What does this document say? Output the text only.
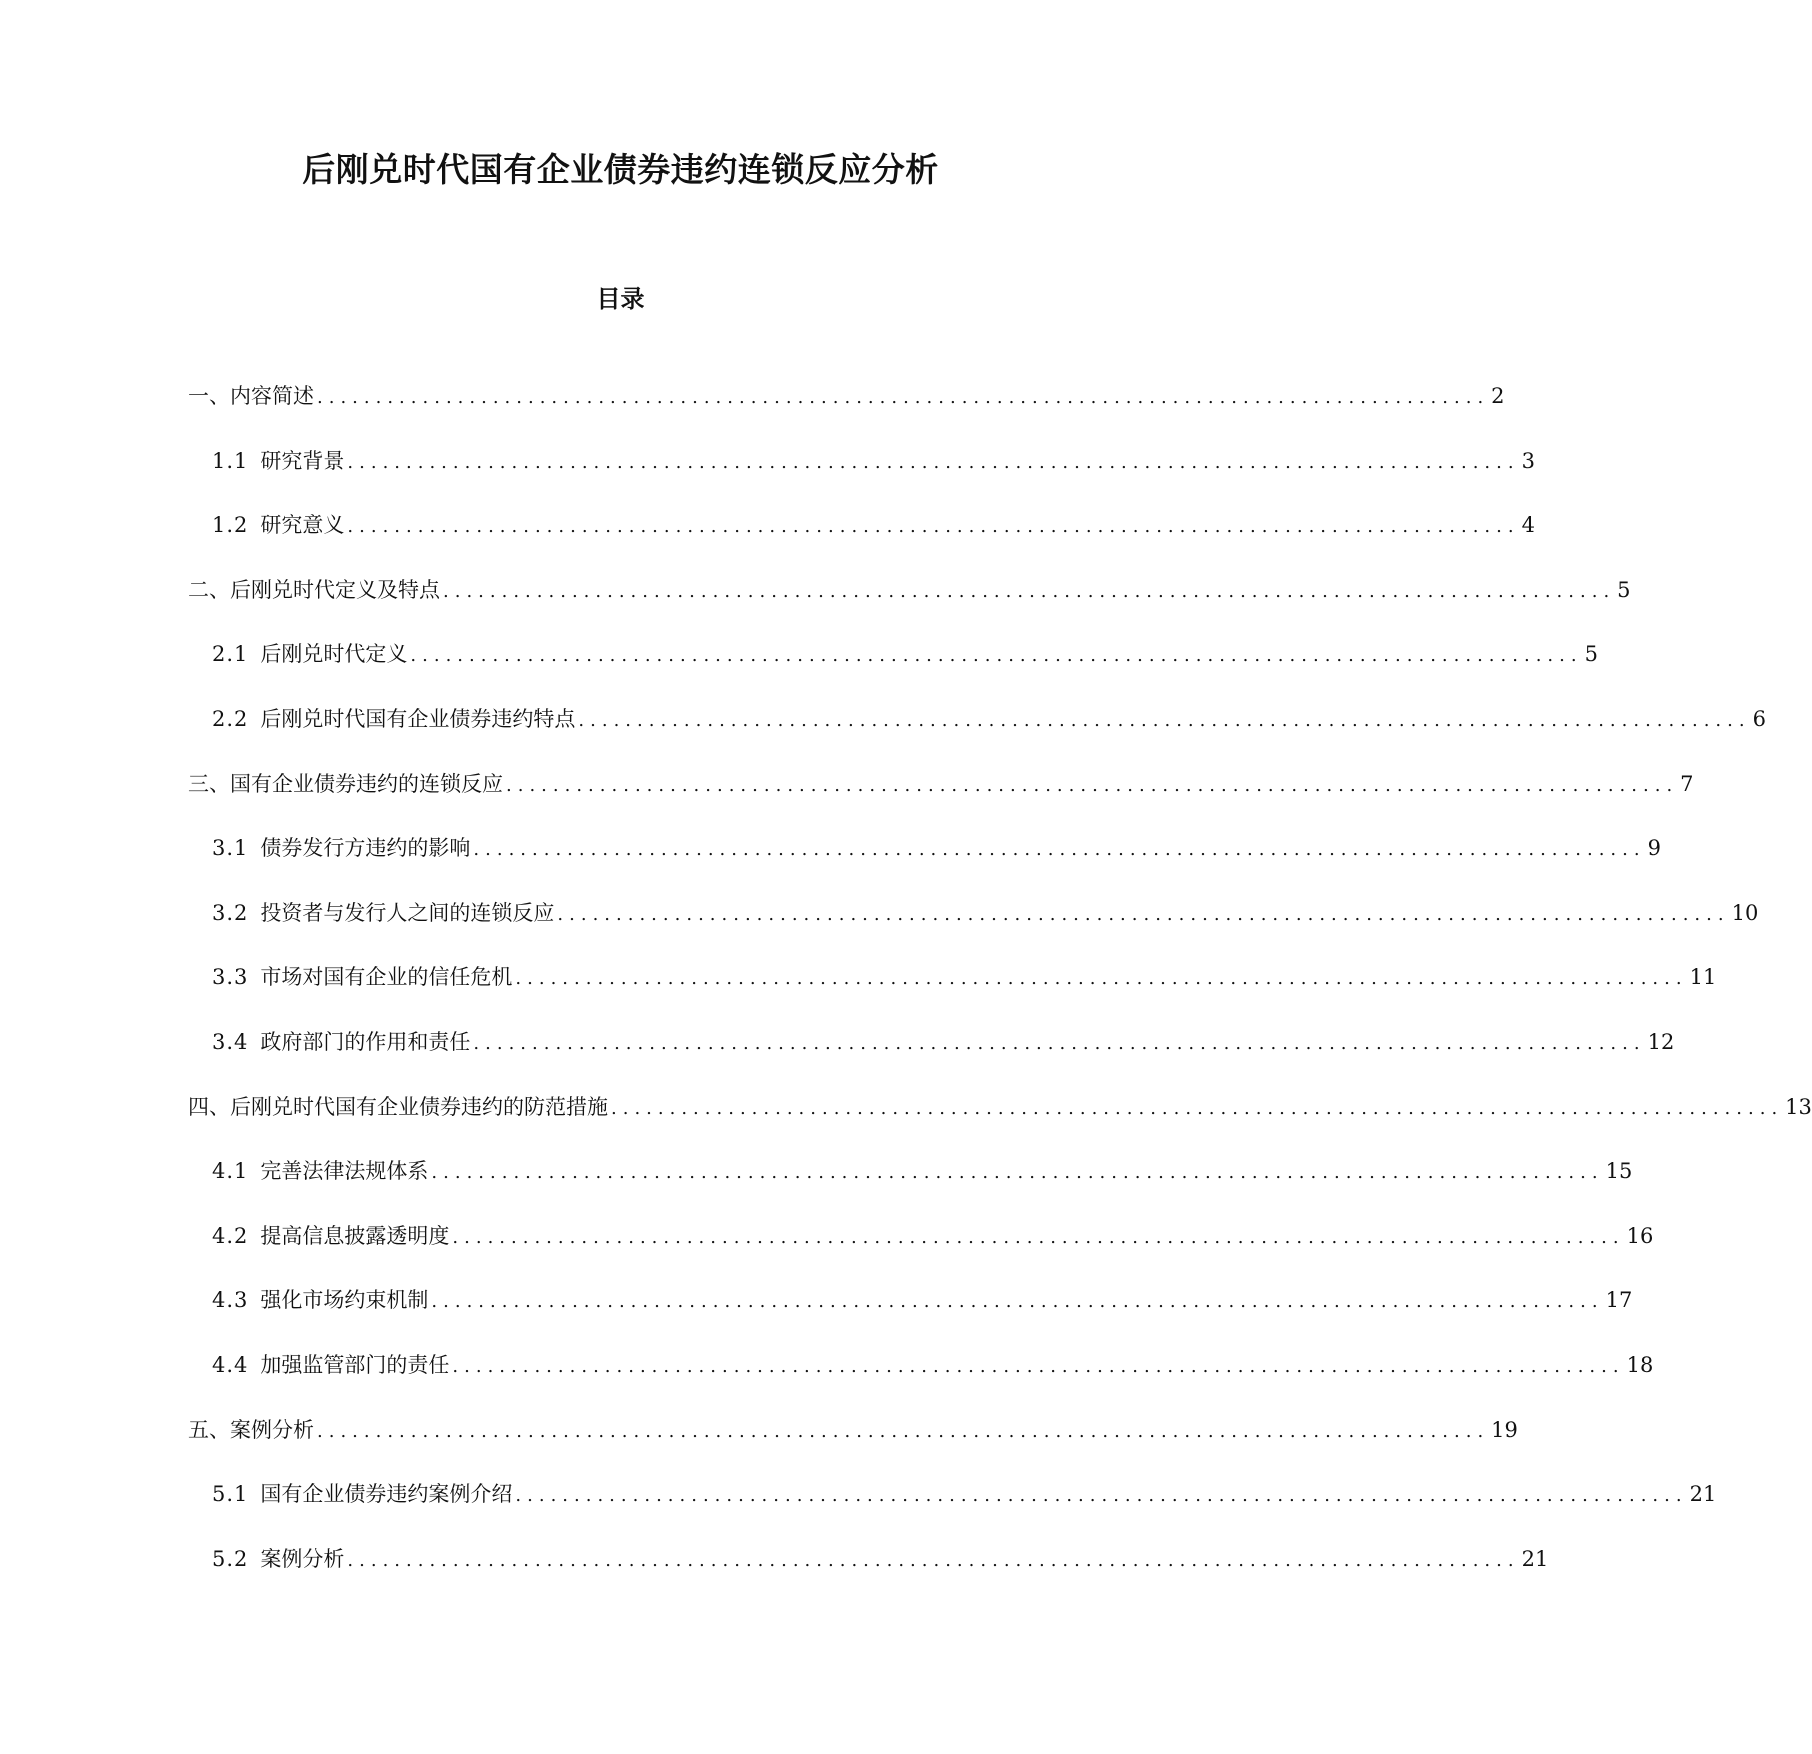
后刚兑时代国有企业债券违约连锁反应分析
目录
一、内容简述 .................................................................................................... 2
1.1 研究背景 .................................................................................................... 3
1.2 研究意义 .................................................................................................... 4
二、后刚兑时代定义及特点 .................................................................................................... 5
2.1 后刚兑时代定义 .................................................................................................... 5
2.2 后刚兑时代国有企业债券违约特点 .................................................................................................... 6
三、国有企业债券违约的连锁反应 .................................................................................................... 7
3.1 债券发行方违约的影响 .................................................................................................... 9
3.2 投资者与发行人之间的连锁反应 .................................................................................................... 10
3.3 市场对国有企业的信任危机 .................................................................................................... 11
3.4 政府部门的作用和责任 .................................................................................................... 12
四、后刚兑时代国有企业债券违约的防范措施 .................................................................................................... 13
4.1 完善法律法规体系 .................................................................................................... 15
4.2 提高信息披露透明度 .................................................................................................... 16
4.3 强化市场约束机制 .................................................................................................... 17
4.4 加强监管部门的责任 .................................................................................................... 18
五、案例分析 .................................................................................................... 19
5.1 国有企业债券违约案例介绍 .................................................................................................... 21
5.2 案例分析 .................................................................................................... 21
